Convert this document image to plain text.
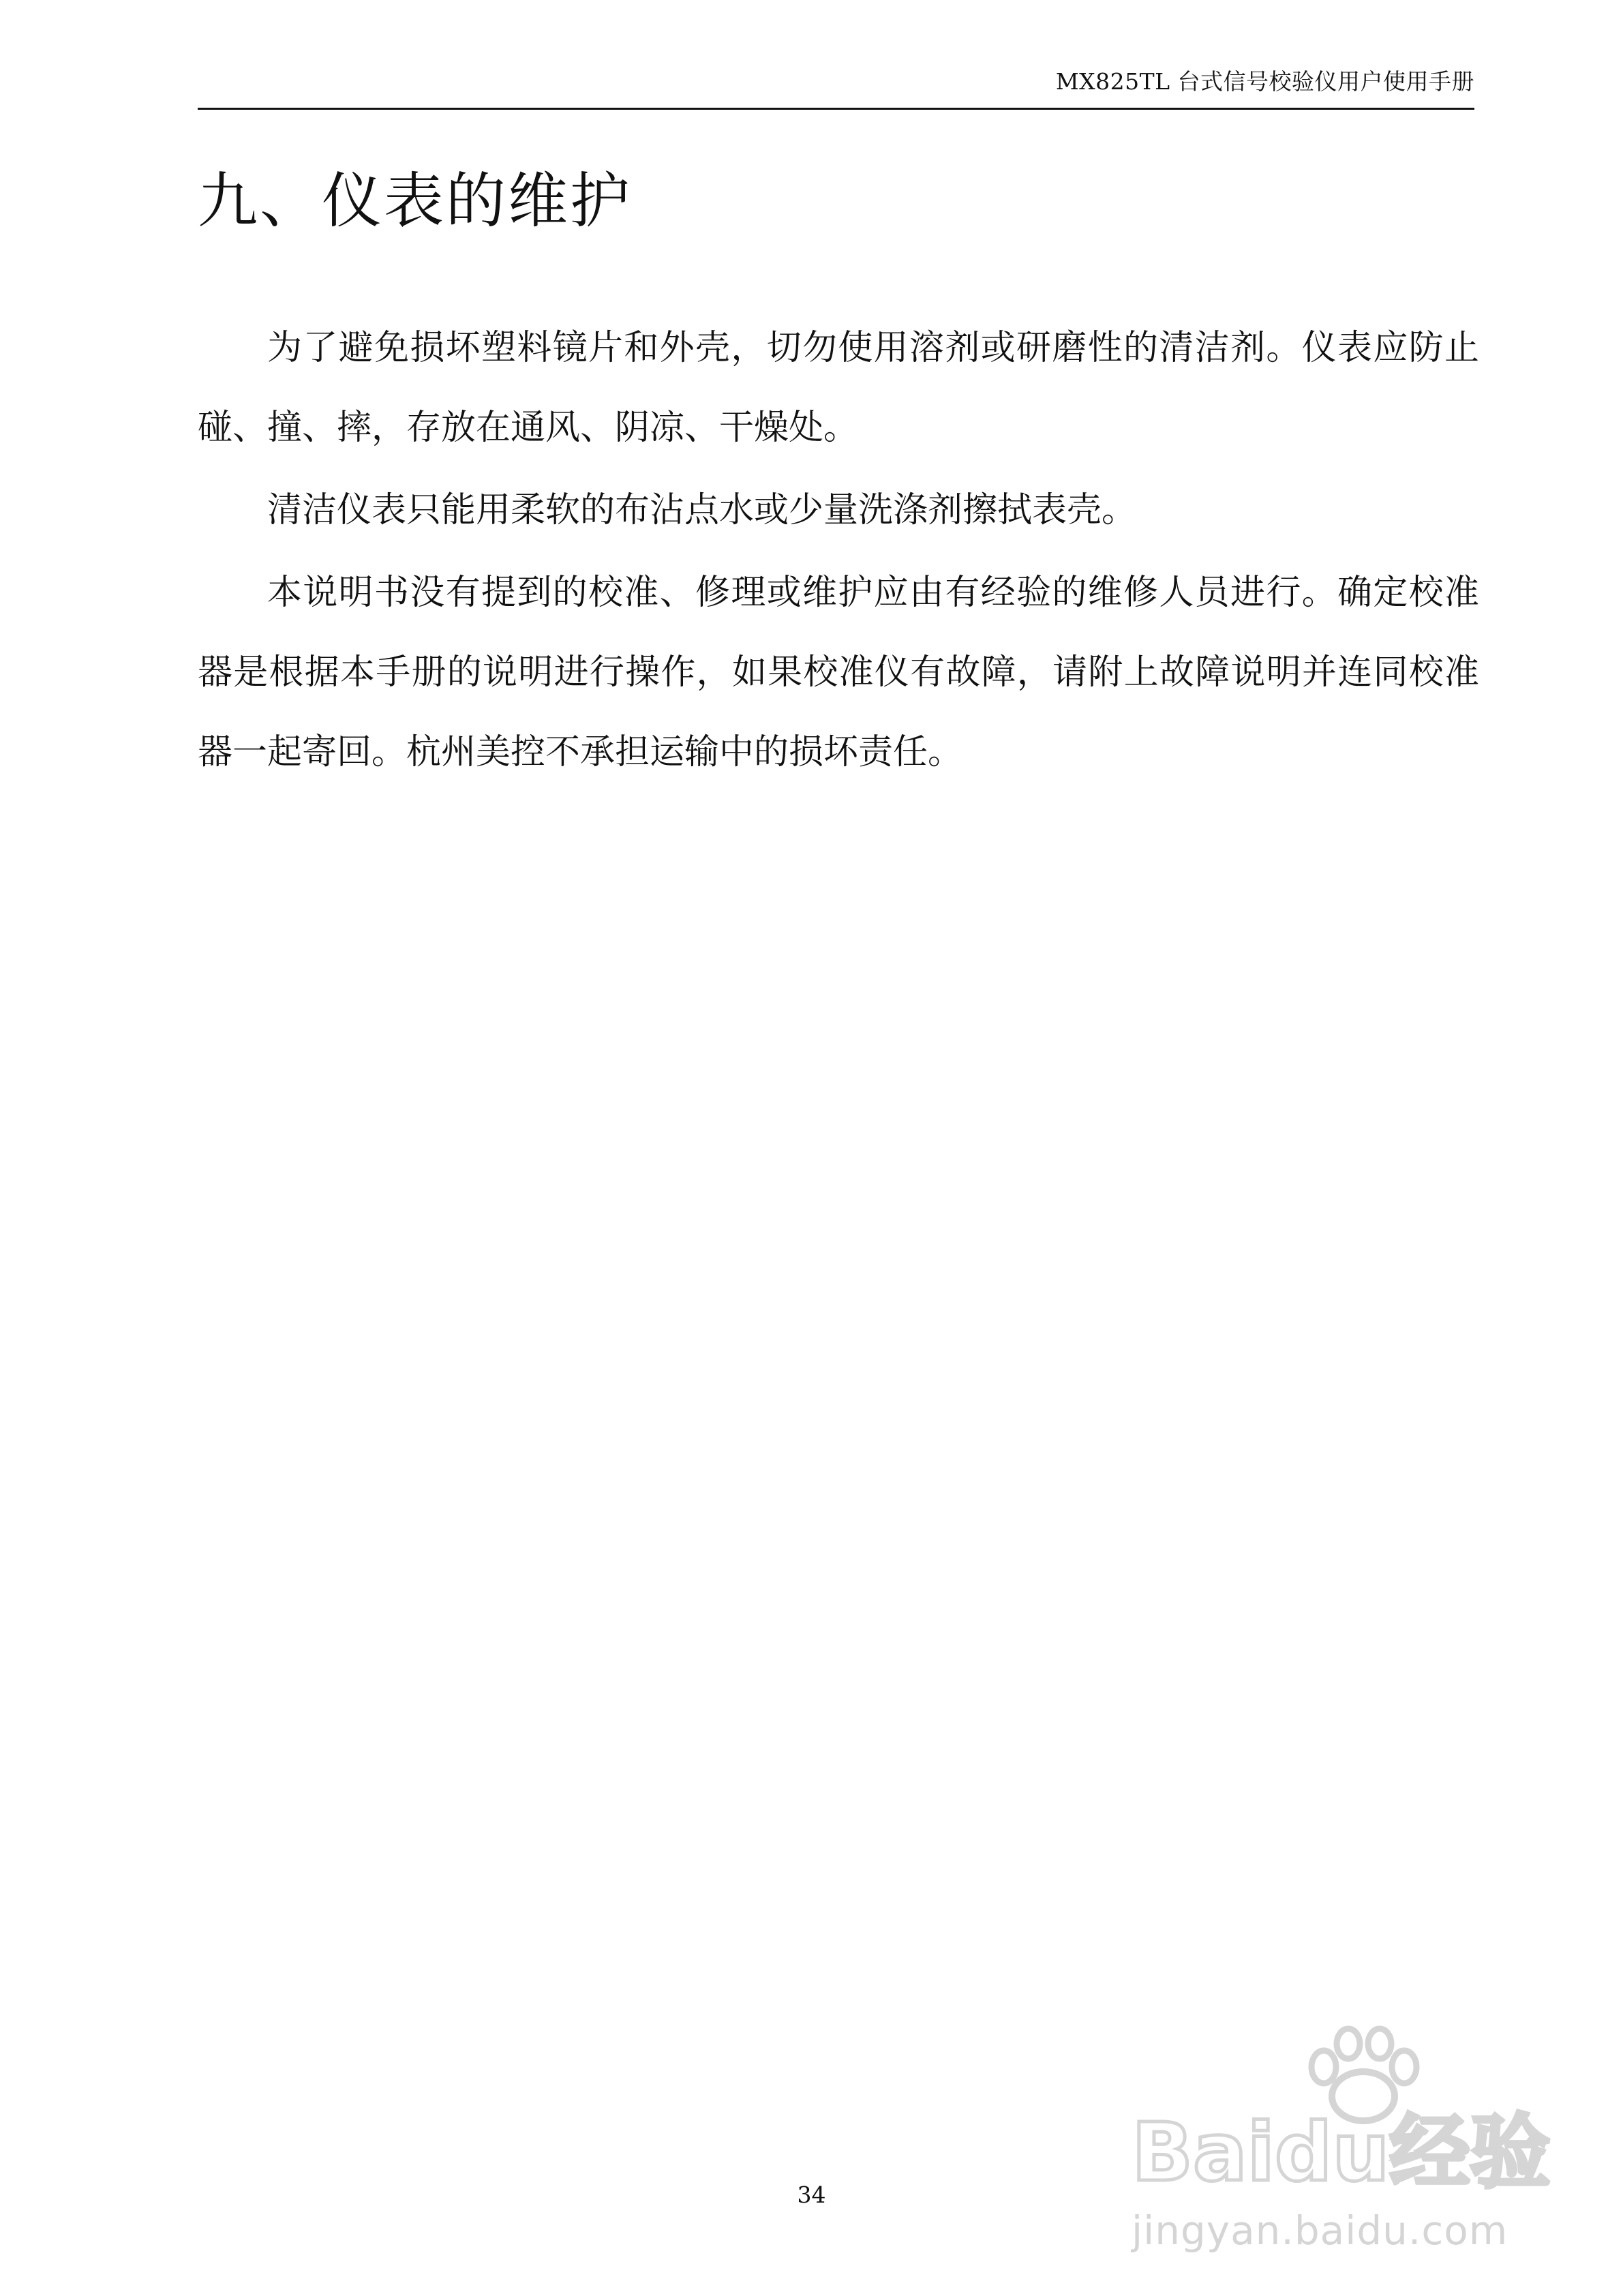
MX825TL 台式信号校验仪用户使用手册
九、仪表的维护

为了避免损坏塑料镜片和外壳，切勿使用溶剂或研磨性的清洁剂。仪表应防止碰、撞、摔，存放在通风、阴凉、干燥处。

清洁仪表只能用柔软的布沾点水或少量洗涤剂擦拭表壳。

本说明书没有提到的校准、修理或维护应由有经验的维修人员进行。确定校准器是根据本手册的说明进行操作，如果校准仪有故障，请附上故障说明并连同校准器一起寄回。杭州美控不承担运输中的损坏责任。

34	Baidu经验
jingyan.baidu.com
